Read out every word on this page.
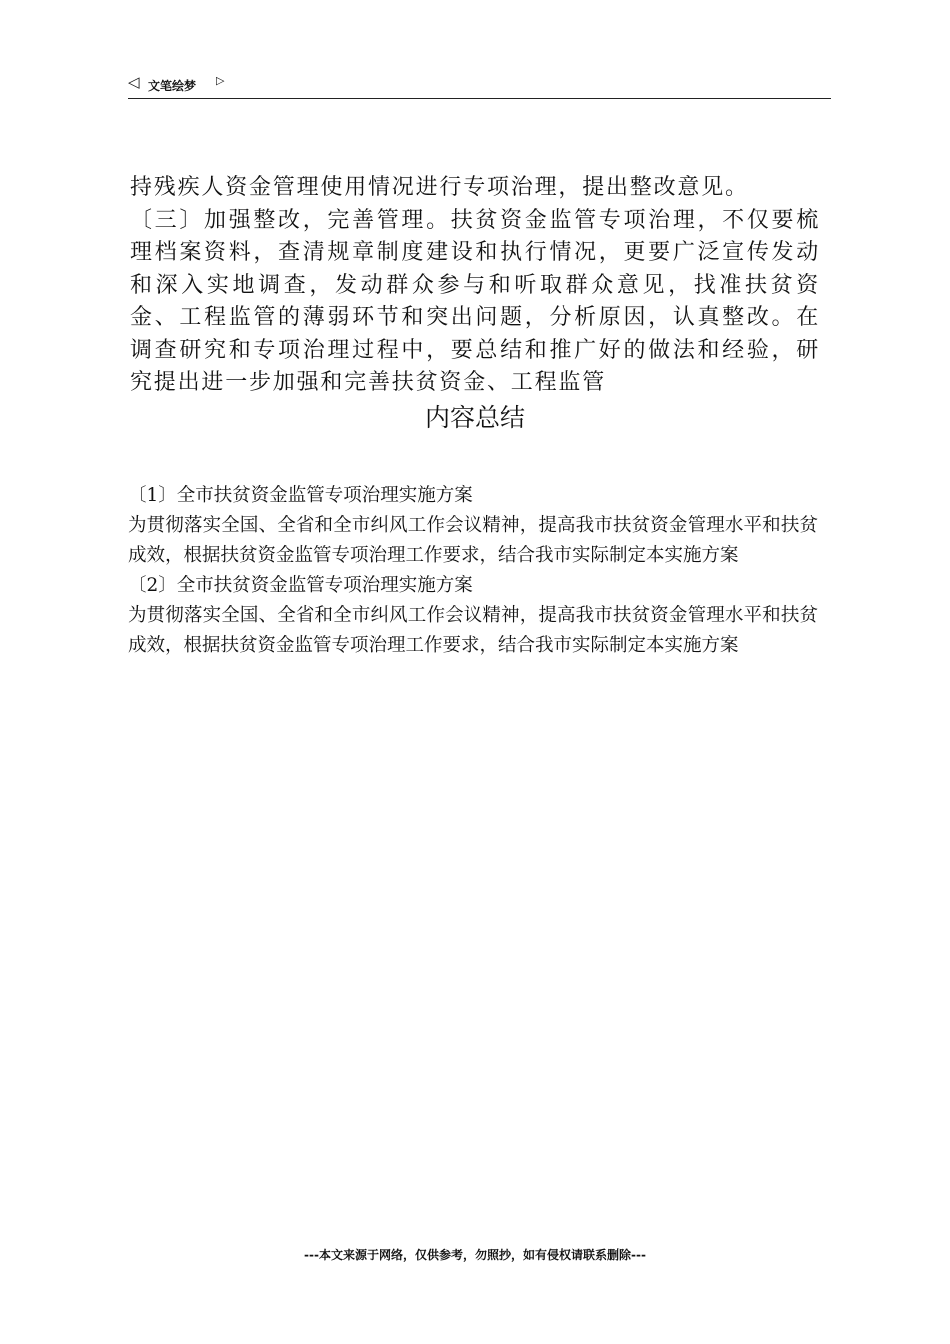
◁ 文笔绘梦 ▷

持残疾人资金管理使用情况进行专项治理，提出整改意见。

〔三〕加强整改，完善管理。扶贫资金监管专项治理，不仅要梳理档案资料，查清规章制度建设和执行情况，更要广泛宣传发动和深入实地调查，发动群众参与和听取群众意见，找准扶贫资金、工程监管的薄弱环节和突出问题，分析原因，认真整改。在调查研究和专项治理过程中，要总结和推广好的做法和经验，研究提出进一步加强和完善扶贫资金、工程监管

内容总结

〔1〕全市扶贫资金监管专项治理实施方案

为贯彻落实全国、全省和全市纠风工作会议精神，提高我市扶贫资金管理水平和扶贫成效，根据扶贫资金监管专项治理工作要求，结合我市实际制定本实施方案

〔2〕全市扶贫资金监管专项治理实施方案

为贯彻落实全国、全省和全市纠风工作会议精神，提高我市扶贫资金管理水平和扶贫成效，根据扶贫资金监管专项治理工作要求，结合我市实际制定本实施方案

---本文来源于网络，仅供参考，勿照抄，如有侵权请联系删除---
